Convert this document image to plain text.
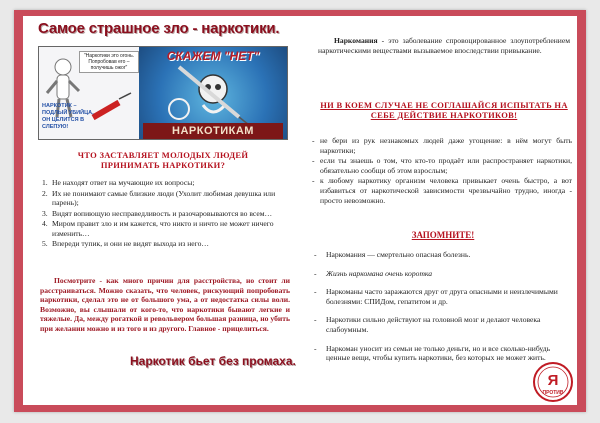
Самое страшное зло - наркотики.
"Наркотики это огонь. Попробовав его – получишь ожог"
НАРКОТИК – ПОДЛЫЙ УБИЙЦА, ОН ЦЕЛИТСЯ В СЛЕПУЮ!
СКАЖЕМ "НЕТ"
НАРКОТИКАМ
ЧТО ЗАСТАВЛЯЕТ МОЛОДЫХ ЛЮДЕЙ ПРИНИМАТЬ НАРКОТИКИ?
1. Не находят ответ на мучающие их вопросы;
2. Их не понимают самые близкие люди (Ухолит любимая девушка или парень);
3. Видят вопиющую несправедливость и разочаровываются во всем…
4. Миром правит зло и им кажется, что никто и ничто не может ничего изменить…
5. Впереди тупик, и они не видят выхода из него…
Посмотрите - как много причин для расстройства, но стоит ли расстраиваться. Можно сказать, что человек, рискующий попробовать наркотики, сделал это не от большого ума, а от недостатка силы воли. Возможно, вы слышали от кого-то, что наркотики бывают легкие и тяжелые. Да, между рогаткой и револьвером большая разница, но убить при желании можно и из того и из другого. Главное - прицелиться.
Наркотик бьет без промаха.
Наркомания - это заболевание спровоцированное злоупотреблением наркотическими веществами вызываемое впоследствии привыкание.
НИ В КОЕМ СЛУЧАЕ НЕ СОГЛАШАЙСЯ ИСПЫТАТЬ НА СЕБЕ ДЕЙСТВИЕ НАРКОТИКОВ!
- не бери из рук незнакомых людей даже угощение: в нём могут быть наркотики;
- если ты знаешь о том, что кто-то продаёт или распространяет наркотики, обязательно сообщи об этом взрослым;
- к любому наркотику организм человека привыкает очень быстро, а вот избавиться от наркотической зависимости чрезвычайно трудно, иногда - просто невозможно.
ЗАПОМНИТЕ!
- Наркомания — смертельно опасная болезнь.
- Жизнь наркомана очень коротка
- Наркоманы часто заражаются друг от друга опасными и неизлечимыми болезнями: СПИДом, гепатитом и др.
- Наркотики сильно действуют на головной мозг и делают человека слабоумным.
- Наркоман уносит из семьи не только деньги, но и все сколько-нибудь ценные вещи, чтобы купить наркотики, без которых не может жить.
Я
ПРОТИВ
